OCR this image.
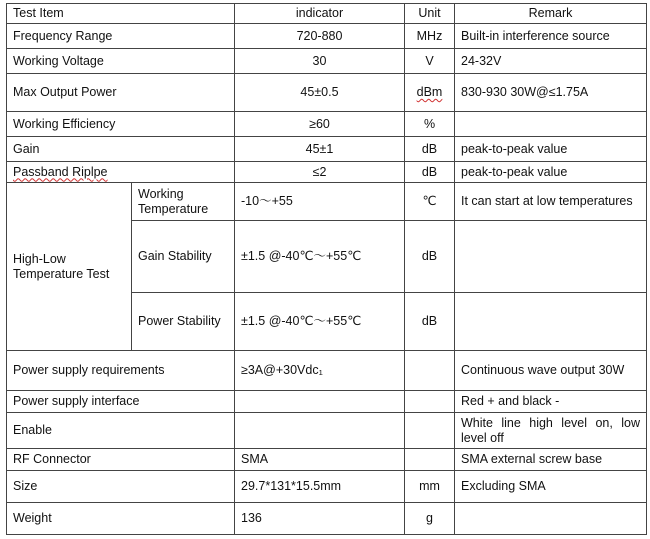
Test Item		indicator	Unit	Remark
Frequency Range		720-880	MHz	Built-in interference source
Working Voltage		30	V	24-32V
Max Output Power		45±0.5	dBm	830-930 30W@≤1.75A
Working Efficiency		≥60	%	
Gain		45±1	dB	peak-to-peak value
Passband Riplpe		≤2	dB	peak-to-peak value
High-Low Temperature Test	Working Temperature	-10～+55	℃	It can start at low temperatures
	Gain Stability	±1.5 @-40℃～+55℃	dB	
	Power Stability	±1.5 @-40℃～+55℃	dB	
Power supply requirements		≥3A@+30Vdc₁		Continuous wave output 30W
Power supply interface				Red + and black -
Enable				White line high level on, low level off
RF Connector		SMA		SMA external screw base
Size		29.7*131*15.5mm	mm	Excluding SMA
Weight		136	g	
